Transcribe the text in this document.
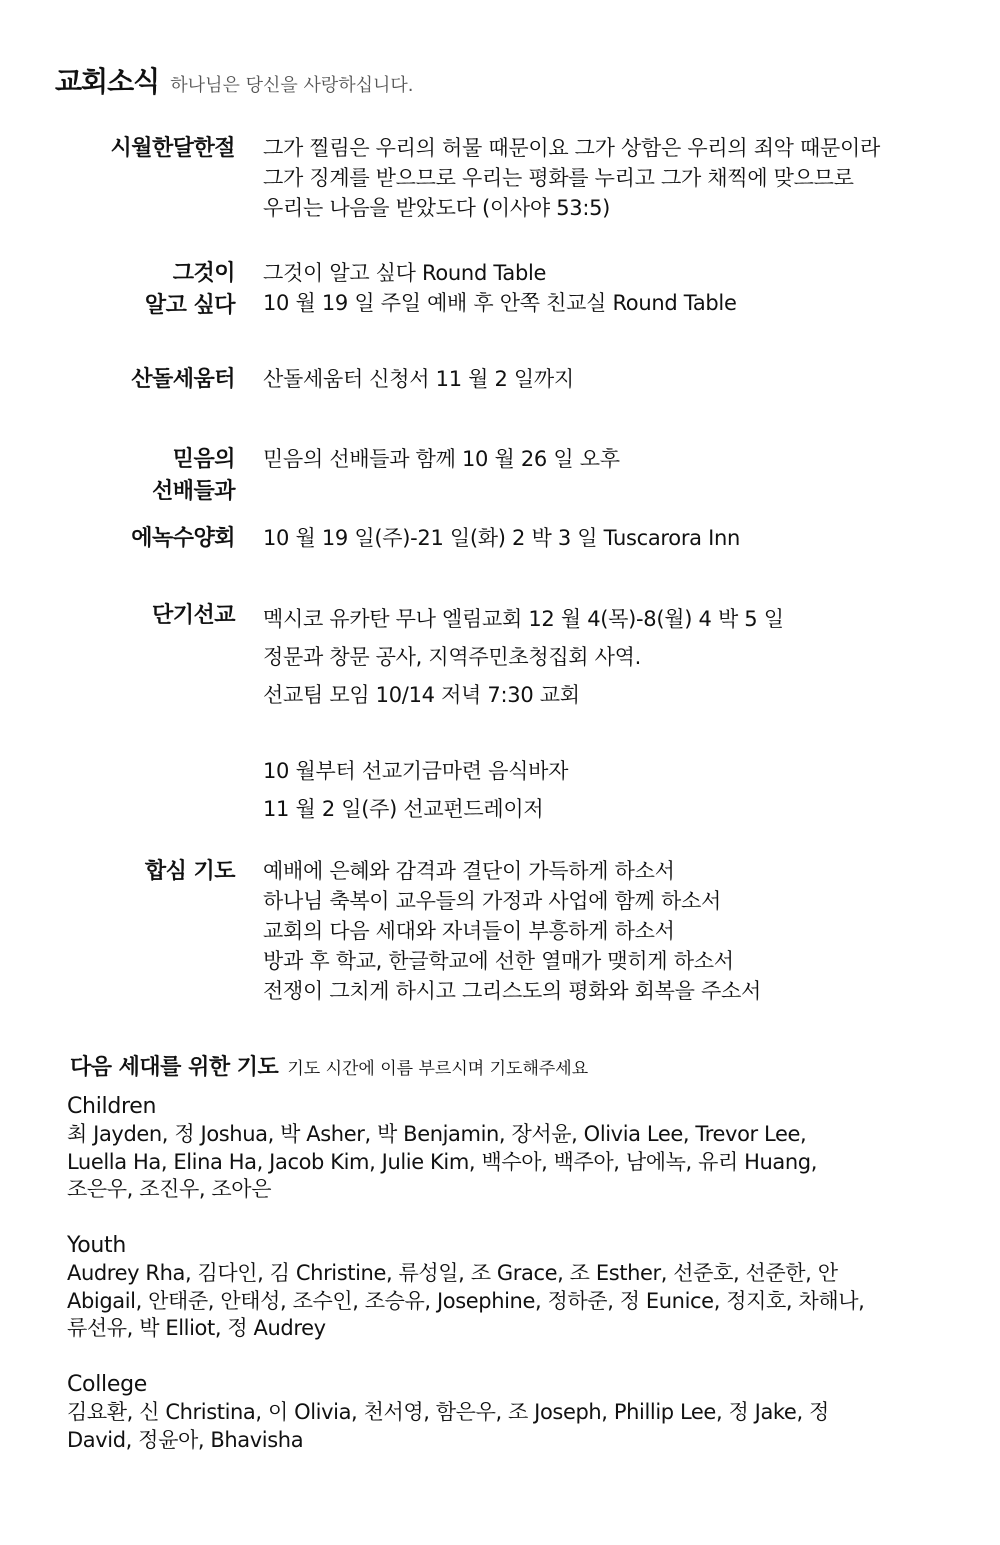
교회소식 하나님은 당신을 사랑하십니다.
시월한달한절 그가 찔림은 우리의 허물 때문이요 그가 상함은 우리의 죄악 때문이라
그가 징계를 받으므로 우리는 평화를 누리고 그가 채찍에 맞으므로
우리는 나음을 받았도다 (이사야 53:5)
그것이
알고 싶다
그것이 알고 싶다 Round Table
10 월 19 일 주일 예배 후 안쪽 친교실 Round Table
산돌세움터 산돌세움터 신청서 11 월 2 일까지
믿음의
선배들과
믿음의 선배들과 함께 10 월 26 일 오후
에녹수양회 10 월 19 일(주)-21 일(화) 2 박 3 일 Tuscarora Inn
단기선교 멕시코 유카탄 무나 엘림교회 12 월 4(목)-8(월) 4 박 5 일
정문과 창문 공사, 지역주민초청집회 사역.
선교팀 모임 10/14 저녁 7:30 교회
10 월부터 선교기금마련 음식바자
11 월 2 일(주) 선교펀드레이저
합심 기도 예배에 은혜와 감격과 결단이 가득하게 하소서
하나님 축복이 교우들의 가정과 사업에 함께 하소서
교회의 다음 세대와 자녀들이 부흥하게 하소서
방과 후 학교, 한글학교에 선한 열매가 맺히게 하소서
전쟁이 그치게 하시고 그리스도의 평화와 회복을 주소서
다음 세대를 위한 기도 기도 시간에 이름 부르시며 기도해주세요
Children
최 Jayden, 정 Joshua, 박 Asher, 박 Benjamin, 장서윤, Olivia Lee, Trevor Lee,
Luella Ha, Elina Ha, Jacob Kim, Julie Kim, 백수아, 백주아, 남에녹, 유리 Huang,
조은우, 조진우, 조아은
Youth
Audrey Rha, 김다인, 김 Christine, 류성일, 조 Grace, 조 Esther, 선준호, 선준한, 안
Abigail, 안태준, 안태성, 조수인, 조승유, Josephine, 정하준, 정 Eunice, 정지호, 차해나,
류선유, 박 Elliot, 정 Audrey
College
김요환, 신 Christina, 이 Olivia, 천서영, 함은우, 조 Joseph, Phillip Lee, 정 Jake, 정
David, 정윤아, Bhavisha
